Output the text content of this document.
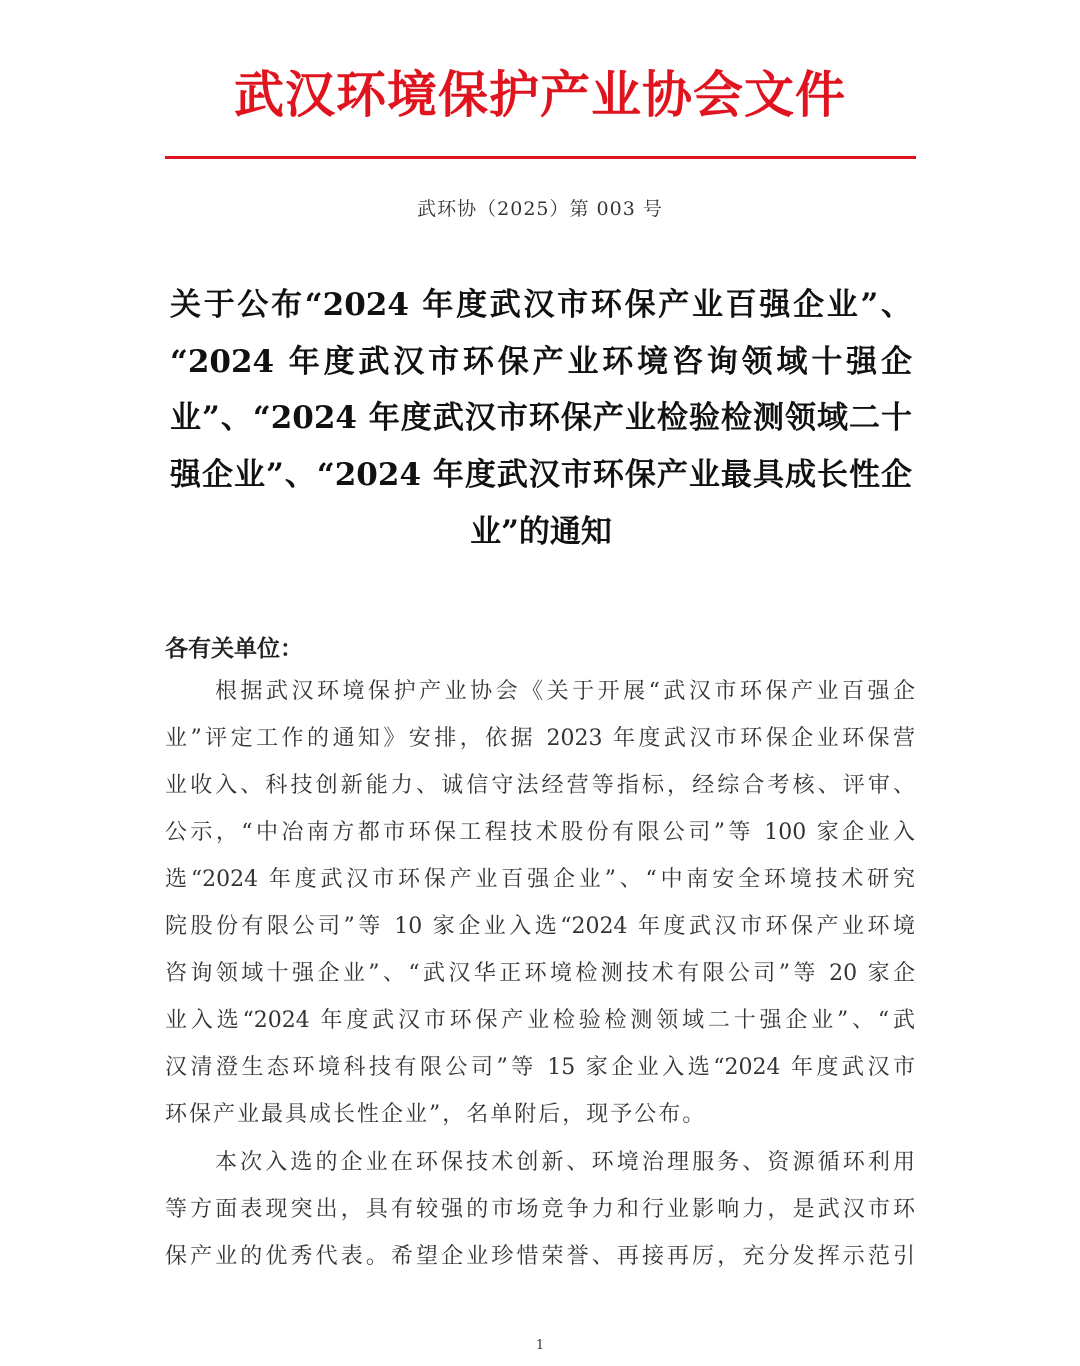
武汉环境保护产业协会文件
武环协（2025）第 003 号
关于公布“2024 年度武汉市环保产业百强企业”、
“2024 年度武汉市环保产业环境咨询领域十强企
业”、“2024 年度武汉市环保产业检验检测领域二十
强企业”、“2024 年度武汉市环保产业最具成长性企
业”的通知
各有关单位：
根据武汉环境保护产业协会《关于开展“武汉市环保产业百强企
业”评定工作的通知》安排，依据 2023 年度武汉市环保企业环保营
业收入、科技创新能力、诚信守法经营等指标，经综合考核、评审、
公示，“中冶南方都市环保工程技术股份有限公司”等 100 家企业入
选“2024 年度武汉市环保产业百强企业”、“中南安全环境技术研究
院股份有限公司”等 10 家企业入选“2024 年度武汉市环保产业环境
咨询领域十强企业”、“武汉华正环境检测技术有限公司”等 20 家企
业入选“2024 年度武汉市环保产业检验检测领域二十强企业”、“武
汉清澄生态环境科技有限公司”等 15 家企业入选“2024 年度武汉市
环保产业最具成长性企业”，名单附后，现予公布。
本次入选的企业在环保技术创新、环境治理服务、资源循环利用
等方面表现突出，具有较强的市场竞争力和行业影响力，是武汉市环
保产业的优秀代表。希望企业珍惜荣誉、再接再厉，充分发挥示范引
1
